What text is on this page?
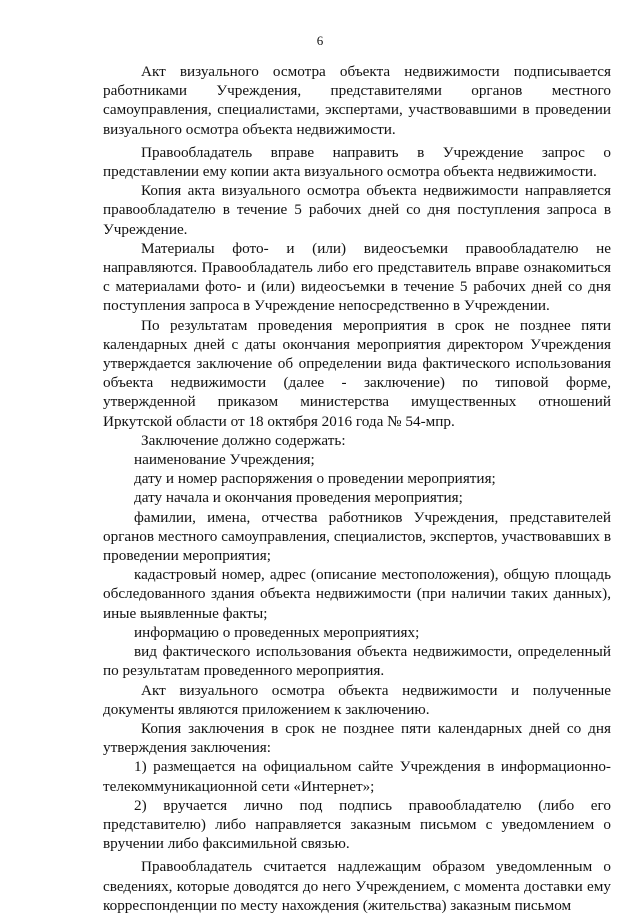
6

Акт визуального осмотра объекта недвижимости подписывается работниками Учреждения, представителями органов местного самоуправления, специалистами, экспертами, участвовавшими в проведении визуального осмотра объекта недвижимости.

Правообладатель вправе направить в Учреждение запрос о представлении ему копии акта визуального осмотра объекта недвижимости.

Копия акта визуального осмотра объекта недвижимости направляется правообладателю в течение 5 рабочих дней со дня поступления запроса в Учреждение.

Материалы фото- и (или) видеосъемки правообладателю не направляются. Правообладатель либо его представитель вправе ознакомиться с материалами фото- и (или) видеосъемки в течение 5 рабочих дней со дня поступления запроса в Учреждение непосредственно в Учреждении.

По результатам проведения мероприятия в срок не позднее пяти календарных дней с даты окончания мероприятия директором Учреждения утверждается заключение об определении вида фактического использования объекта недвижимости (далее - заключение) по типовой форме, утвержденной приказом министерства имущественных отношений Иркутской области от 18 октября 2016 года № 54-мпр.

Заключение должно содержать:

наименование Учреждения;

дату и номер распоряжения о проведении мероприятия;

дату начала и окончания проведения мероприятия;

фамилии, имена, отчества работников Учреждения, представителей органов местного самоуправления, специалистов, экспертов, участвовавших в проведении мероприятия;

кадастровый номер, адрес (описание местоположения), общую площадь обследованного здания объекта недвижимости (при наличии таких данных), иные выявленные факты;

информацию о проведенных мероприятиях;

вид фактического использования объекта недвижимости, определенный по результатам проведенного мероприятия.

Акт визуального осмотра объекта недвижимости и полученные документы являются приложением к заключению.

Копия заключения в срок не позднее пяти календарных дней со дня утверждения заключения:

1) размещается на официальном сайте Учреждения в информационно-телекоммуникационной сети «Интернет»;

2) вручается лично под подпись правообладателю (либо его представителю) либо направляется заказным письмом с уведомлением о вручении либо факсимильной связью.

Правообладатель считается надлежащим образом уведомленным о сведениях, которые доводятся до него Учреждением, с момента доставки ему корреспонденции по месту нахождения (жительства) заказным письмом
